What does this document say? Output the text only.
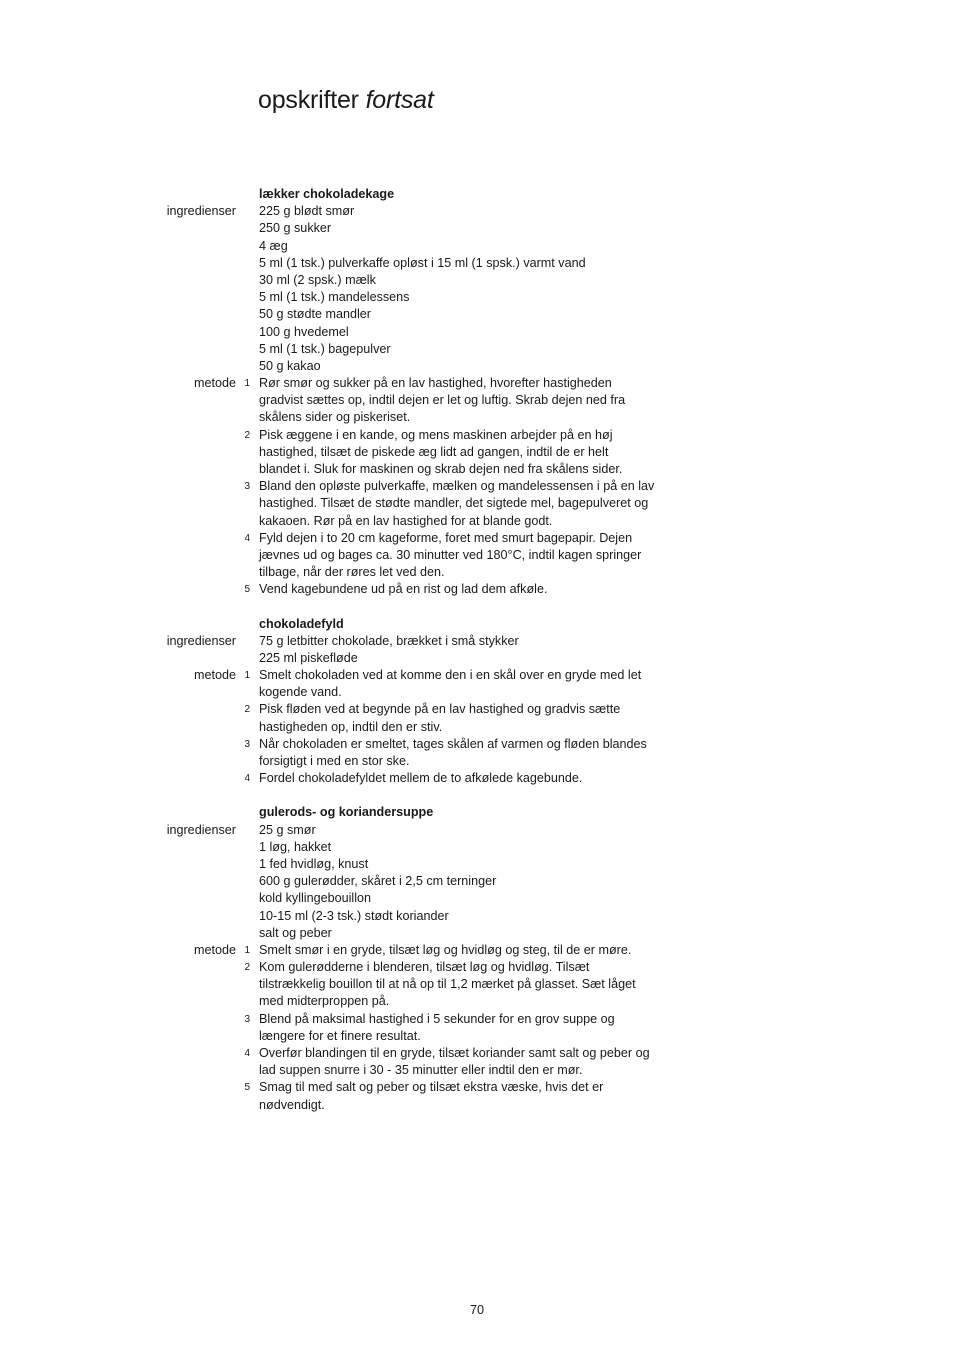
opskrifter fortsat
lækker chokoladekage
ingredienser 225 g blødt smør
250 g sukker
4 æg
5 ml (1 tsk.) pulverkaffe opløst i 15 ml (1 spsk.) varmt vand
30 ml (2 spsk.) mælk
5 ml (1 tsk.) mandelessens
50 g stødte mandler
100 g hvedemel
5 ml (1 tsk.) bagepulver
50 g kakao
metode 1 Rør smør og sukker på en lav hastighed, hvorefter hastigheden
gradvist sættes op, indtil dejen er let og luftig. Skrab dejen ned fra
skålens sider og piskeriset.
2 Pisk æggene i en kande, og mens maskinen arbejder på en høj
hastighed, tilsæt de piskede æg lidt ad gangen, indtil de er helt
blandet i. Sluk for maskinen og skrab dejen ned fra skålens sider.
3 Bland den opløste pulverkaffe, mælken og mandelessensen i på en lav
hastighed. Tilsæt de stødte mandler, det sigtede mel, bagepulveret og
kakaoen. Rør på en lav hastighed for at blande godt.
4 Fyld dejen i to 20 cm kageforme, foret med smurt bagepapir. Dejen
jævnes ud og bages ca. 30 minutter ved 180°C, indtil kagen springer
tilbage, når der røres let ved den.
5 Vend kagebundene ud på en rist og lad dem afkøle.
chokoladefyld
ingredienser 75 g letbitter chokolade, brækket i små stykker
225 ml piskefløde
metode 1 Smelt chokoladen ved at komme den i en skål over en gryde med let
kogende vand.
2 Pisk fløden ved at begynde på en lav hastighed og gradvis sætte
hastigheden op, indtil den er stiv.
3 Når chokoladen er smeltet, tages skålen af varmen og fløden blandes
forsigtigt i med en stor ske.
4 Fordel chokoladefyldet mellem de to afkølede kagebunde.
gulerods- og koriandersuppe
ingredienser 25 g smør
1 løg, hakket
1 fed hvidløg, knust
600 g gulerødder, skåret i 2,5 cm terninger
kold kyllingebouillon
10-15 ml (2-3 tsk.) stødt koriander
salt og peber
metode 1 Smelt smør i en gryde, tilsæt løg og hvidløg og steg, til de er møre.
2 Kom gulerødderne i blenderen, tilsæt løg og hvidløg. Tilsæt
tilstrækkelig bouillon til at nå op til 1,2 mærket på glasset. Sæt låget
med midterproppen på.
3 Blend på maksimal hastighed i 5 sekunder for en grov suppe og
længere for et finere resultat.
4 Overfør blandingen til en gryde, tilsæt koriander samt salt og peber og
lad suppen snurre i 30 - 35 minutter eller indtil den er mør.
5 Smag til med salt og peber og tilsæt ekstra væske, hvis det er
nødvendigt.
70
